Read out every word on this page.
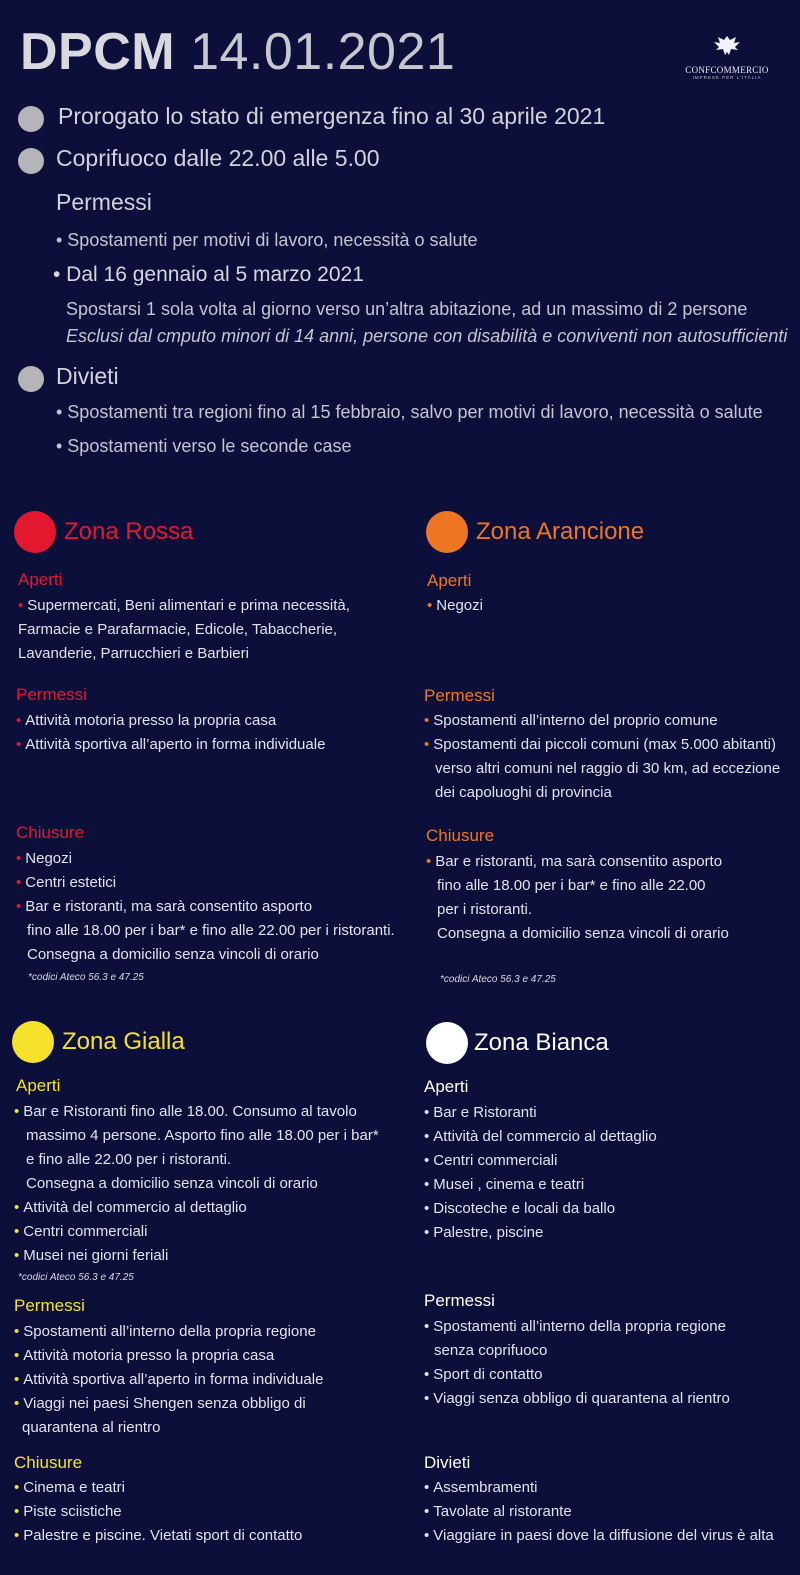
DPCM 14.01.2021	CONFCOMMERCIO
IMPRESE PER L'ITALIA
Prorogato lo stato di emergenza fino al 30 aprile 2021
Coprifuoco dalle 22.00 alle 5.00
Permessi
• Spostamenti per motivi di lavoro, necessità o salute
• Dal 16 gennaio al 5 marzo 2021
Spostarsi 1 sola volta al giorno verso un’altra abitazione, ad un massimo di 2 persone
Esclusi dal cmputo minori di 14 anni, persone con disabilità e conviventi non autosufficienti
Divieti
• Spostamenti tra regioni fino al 15 febbraio, salvo per motivi di lavoro, necessità o salute
• Spostamenti verso le seconde case
Zona Rossa
Aperti
• Supermercati, Beni alimentari e prima necessità,
Farmacie e Parafarmacie, Edicole, Tabaccherie,
Lavanderie, Parrucchieri e Barbieri
Permessi
• Attività motoria presso la propria casa
• Attività sportiva all’aperto in forma individuale
Chiusure
• Negozi
• Centri estetici
• Bar e ristoranti, ma sarà consentito asporto
fino alle 18.00 per i bar* e fino alle 22.00 per i ristoranti.
Consegna a domicilio senza vincoli di orario
*codici Ateco 56.3 e 47.25
Zona Arancione
Aperti
• Negozi
Permessi
• Spostamenti all’interno del proprio comune
• Spostamenti dai piccoli comuni (max 5.000 abitanti)
verso altri comuni nel raggio di 30 km, ad eccezione
dei capoluoghi di provincia
Chiusure
• Bar e ristoranti, ma sarà consentito asporto
fino alle 18.00 per i bar* e fino alle 22.00
per i ristoranti.
Consegna a domicilio senza vincoli di orario
*codici Ateco 56.3 e 47.25
Zona Gialla
Aperti
• Bar e Ristoranti fino alle 18.00. Consumo al tavolo
massimo 4 persone. Asporto fino alle 18.00 per i bar*
e fino alle 22.00 per i ristoranti.
Consegna a domicilio senza vincoli di orario
• Attività del commercio al dettaglio
• Centri commerciali
• Musei nei giorni feriali
*codici Ateco 56.3 e 47.25
Permessi
• Spostamenti all’interno della propria regione
• Attività motoria presso la propria casa
• Attività sportiva all’aperto in forma individuale
• Viaggi nei paesi Shengen senza obbligo di
quarantena al rientro
Chiusure
• Cinema e teatri
• Piste sciistiche
• Palestre e piscine. Vietati sport di contatto
Zona Bianca
Aperti
• Bar e Ristoranti
• Attività del commercio al dettaglio
• Centri commerciali
• Musei , cinema e teatri
• Discoteche e locali da ballo
• Palestre, piscine
Permessi
• Spostamenti all’interno della propria regione
senza coprifuoco
• Sport di contatto
• Viaggi senza obbligo di quarantena al rientro
Divieti
• Assembramenti
• Tavolate al ristorante
• Viaggiare in paesi dove la diffusione del virus è alta
